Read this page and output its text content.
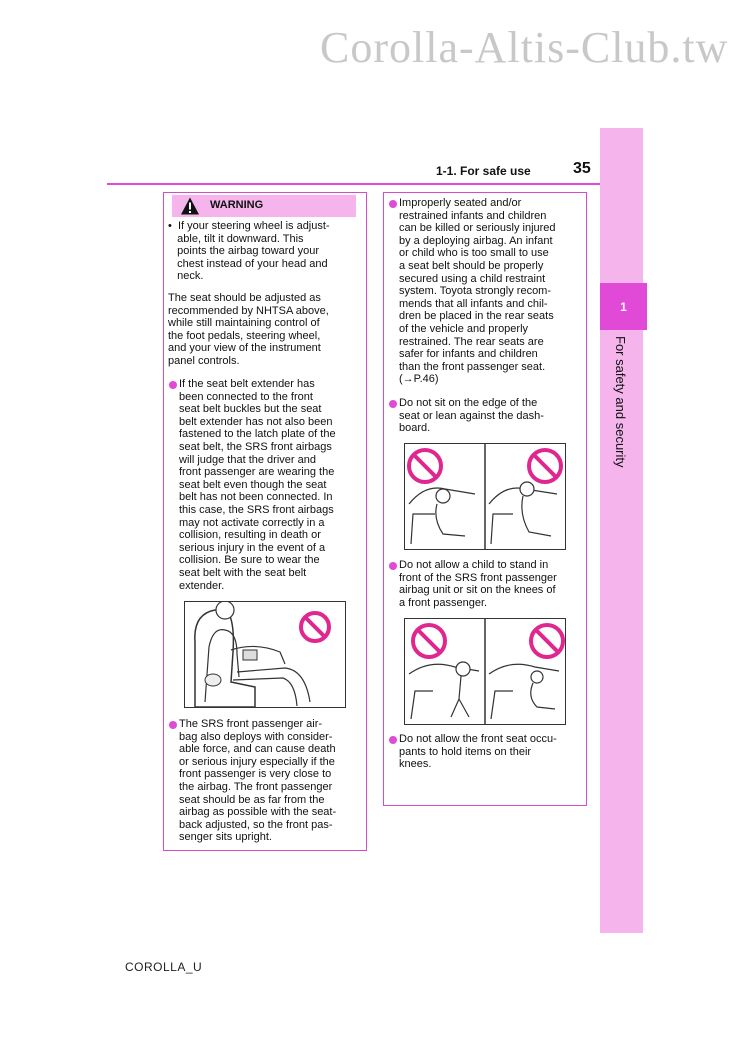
Corolla-Altis-Club.tw
1
For safety and security
1-1. For safe use	35
WARNING

•  If your steering wheel is adjust-
able, tilt it downward. This
points the airbag toward your
chest instead of your head and
neck.

The seat should be adjusted as
recommended by NHTSA above,
while still maintaining control of
the foot pedals, steering wheel,
and your view of the instrument
panel controls.

If the seat belt extender has
been connected to the front
seat belt buckles but the seat
belt extender has not also been
fastened to the latch plate of the
seat belt, the SRS front airbags
will judge that the driver and
front passenger are wearing the
seat belt even though the seat
belt has not been connected. In
this case, the SRS front airbags
may not activate correctly in a
collision, resulting in death or
serious injury in the event of a
collision. Be sure to wear the
seat belt with the seat belt
extender.

The SRS front passenger air-
bag also deploys with consider-
able force, and can cause death
or serious injury especially if the
front passenger is very close to
the airbag. The front passenger
seat should be as far from the
airbag as possible with the seat-
back adjusted, so the front pas-
senger sits upright.

Improperly seated and/or
restrained infants and children
can be killed or seriously injured
by a deploying airbag. An infant
or child who is too small to use
a seat belt should be properly
secured using a child restraint
system. Toyota strongly recom-
mends that all infants and chil-
dren be placed in the rear seats
of the vehicle and properly
restrained. The rear seats are
safer for infants and children
than the front passenger seat.
(→P.46)

Do not sit on the edge of the
seat or lean against the dash-
board.

Do not allow a child to stand in
front of the SRS front passenger
airbag unit or sit on the knees of
a front passenger.

Do not allow the front seat occu-
pants to hold items on their
knees.

COROLLA_U
